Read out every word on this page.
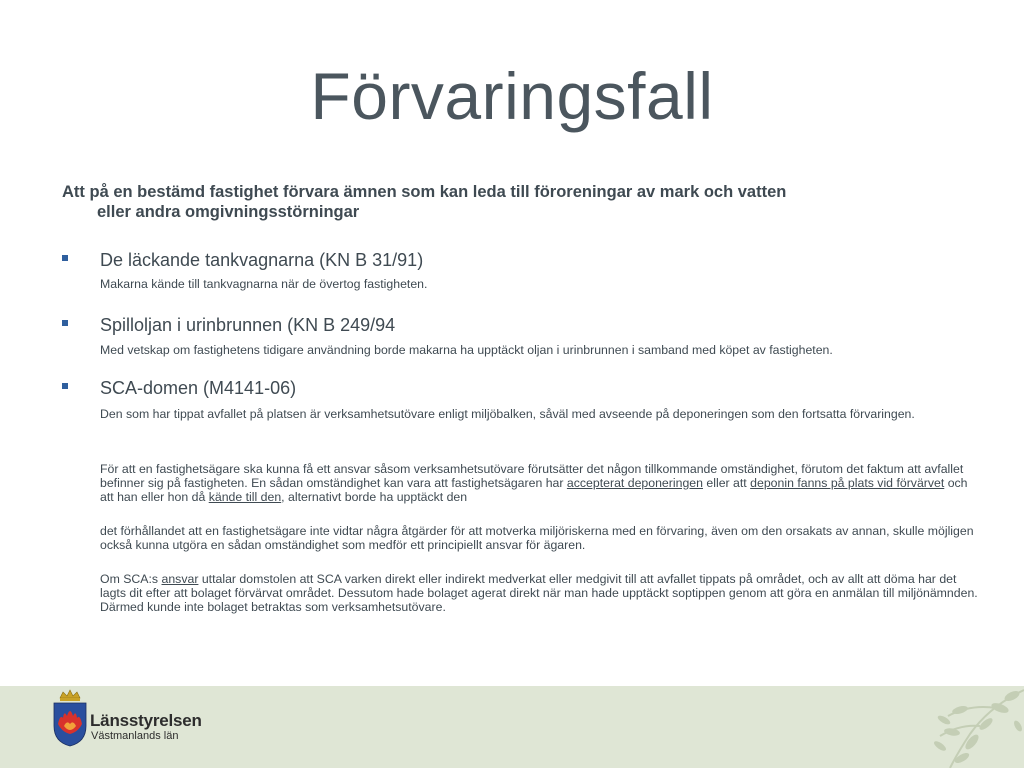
Förvaringsfall
Att på en bestämd fastighet förvara ämnen som kan leda till föroreningar av mark och vatten
eller andra omgivningsstörningar
De läckande tankvagnarna (KN B 31/91)
Makarna kände till tankvagnarna när de övertog fastigheten.
Spilloljan i urinbrunnen (KN B 249/94
Med vetskap om fastighetens tidigare användning borde makarna ha upptäckt oljan i urinbrunnen i samband med köpet av fastigheten.
SCA-domen (M4141-06)
Den som har tippat avfallet på platsen är verksamhetsutövare enligt miljöbalken, såväl med avseende på deponeringen som den fortsatta förvaringen.
För att en fastighetsägare ska kunna få ett ansvar såsom verksamhetsutövare förutsätter det någon tillkommande omständighet, förutom det faktum att avfallet befinner sig på fastigheten. En sådan omständighet kan vara att fastighetsägaren har accepterat deponeringen eller att deponin fanns på plats vid förvärvet och att han eller hon då kände till den, alternativt borde ha upptäckt den
det förhållandet att en fastighetsägare inte vidtar några åtgärder för att motverka miljöriskerna med en förvaring, även om den orsakats av annan, skulle möjligen också kunna utgöra en sådan omständighet som medför ett principiellt ansvar för ägaren.
Om SCA:s ansvar uttalar domstolen att SCA varken direkt eller indirekt medverkat eller medgivit till att avfallet tippats på området, och av allt att döma har det lagts dit efter att bolaget förvärvat området. Dessutom hade bolaget agerat direkt när man hade upptäckt soptippen genom att göra en anmälan till miljönämnden. Därmed kunde inte bolaget betraktas som verksamhetsutövare.
Länsstyrelsen
Västmanlands län
